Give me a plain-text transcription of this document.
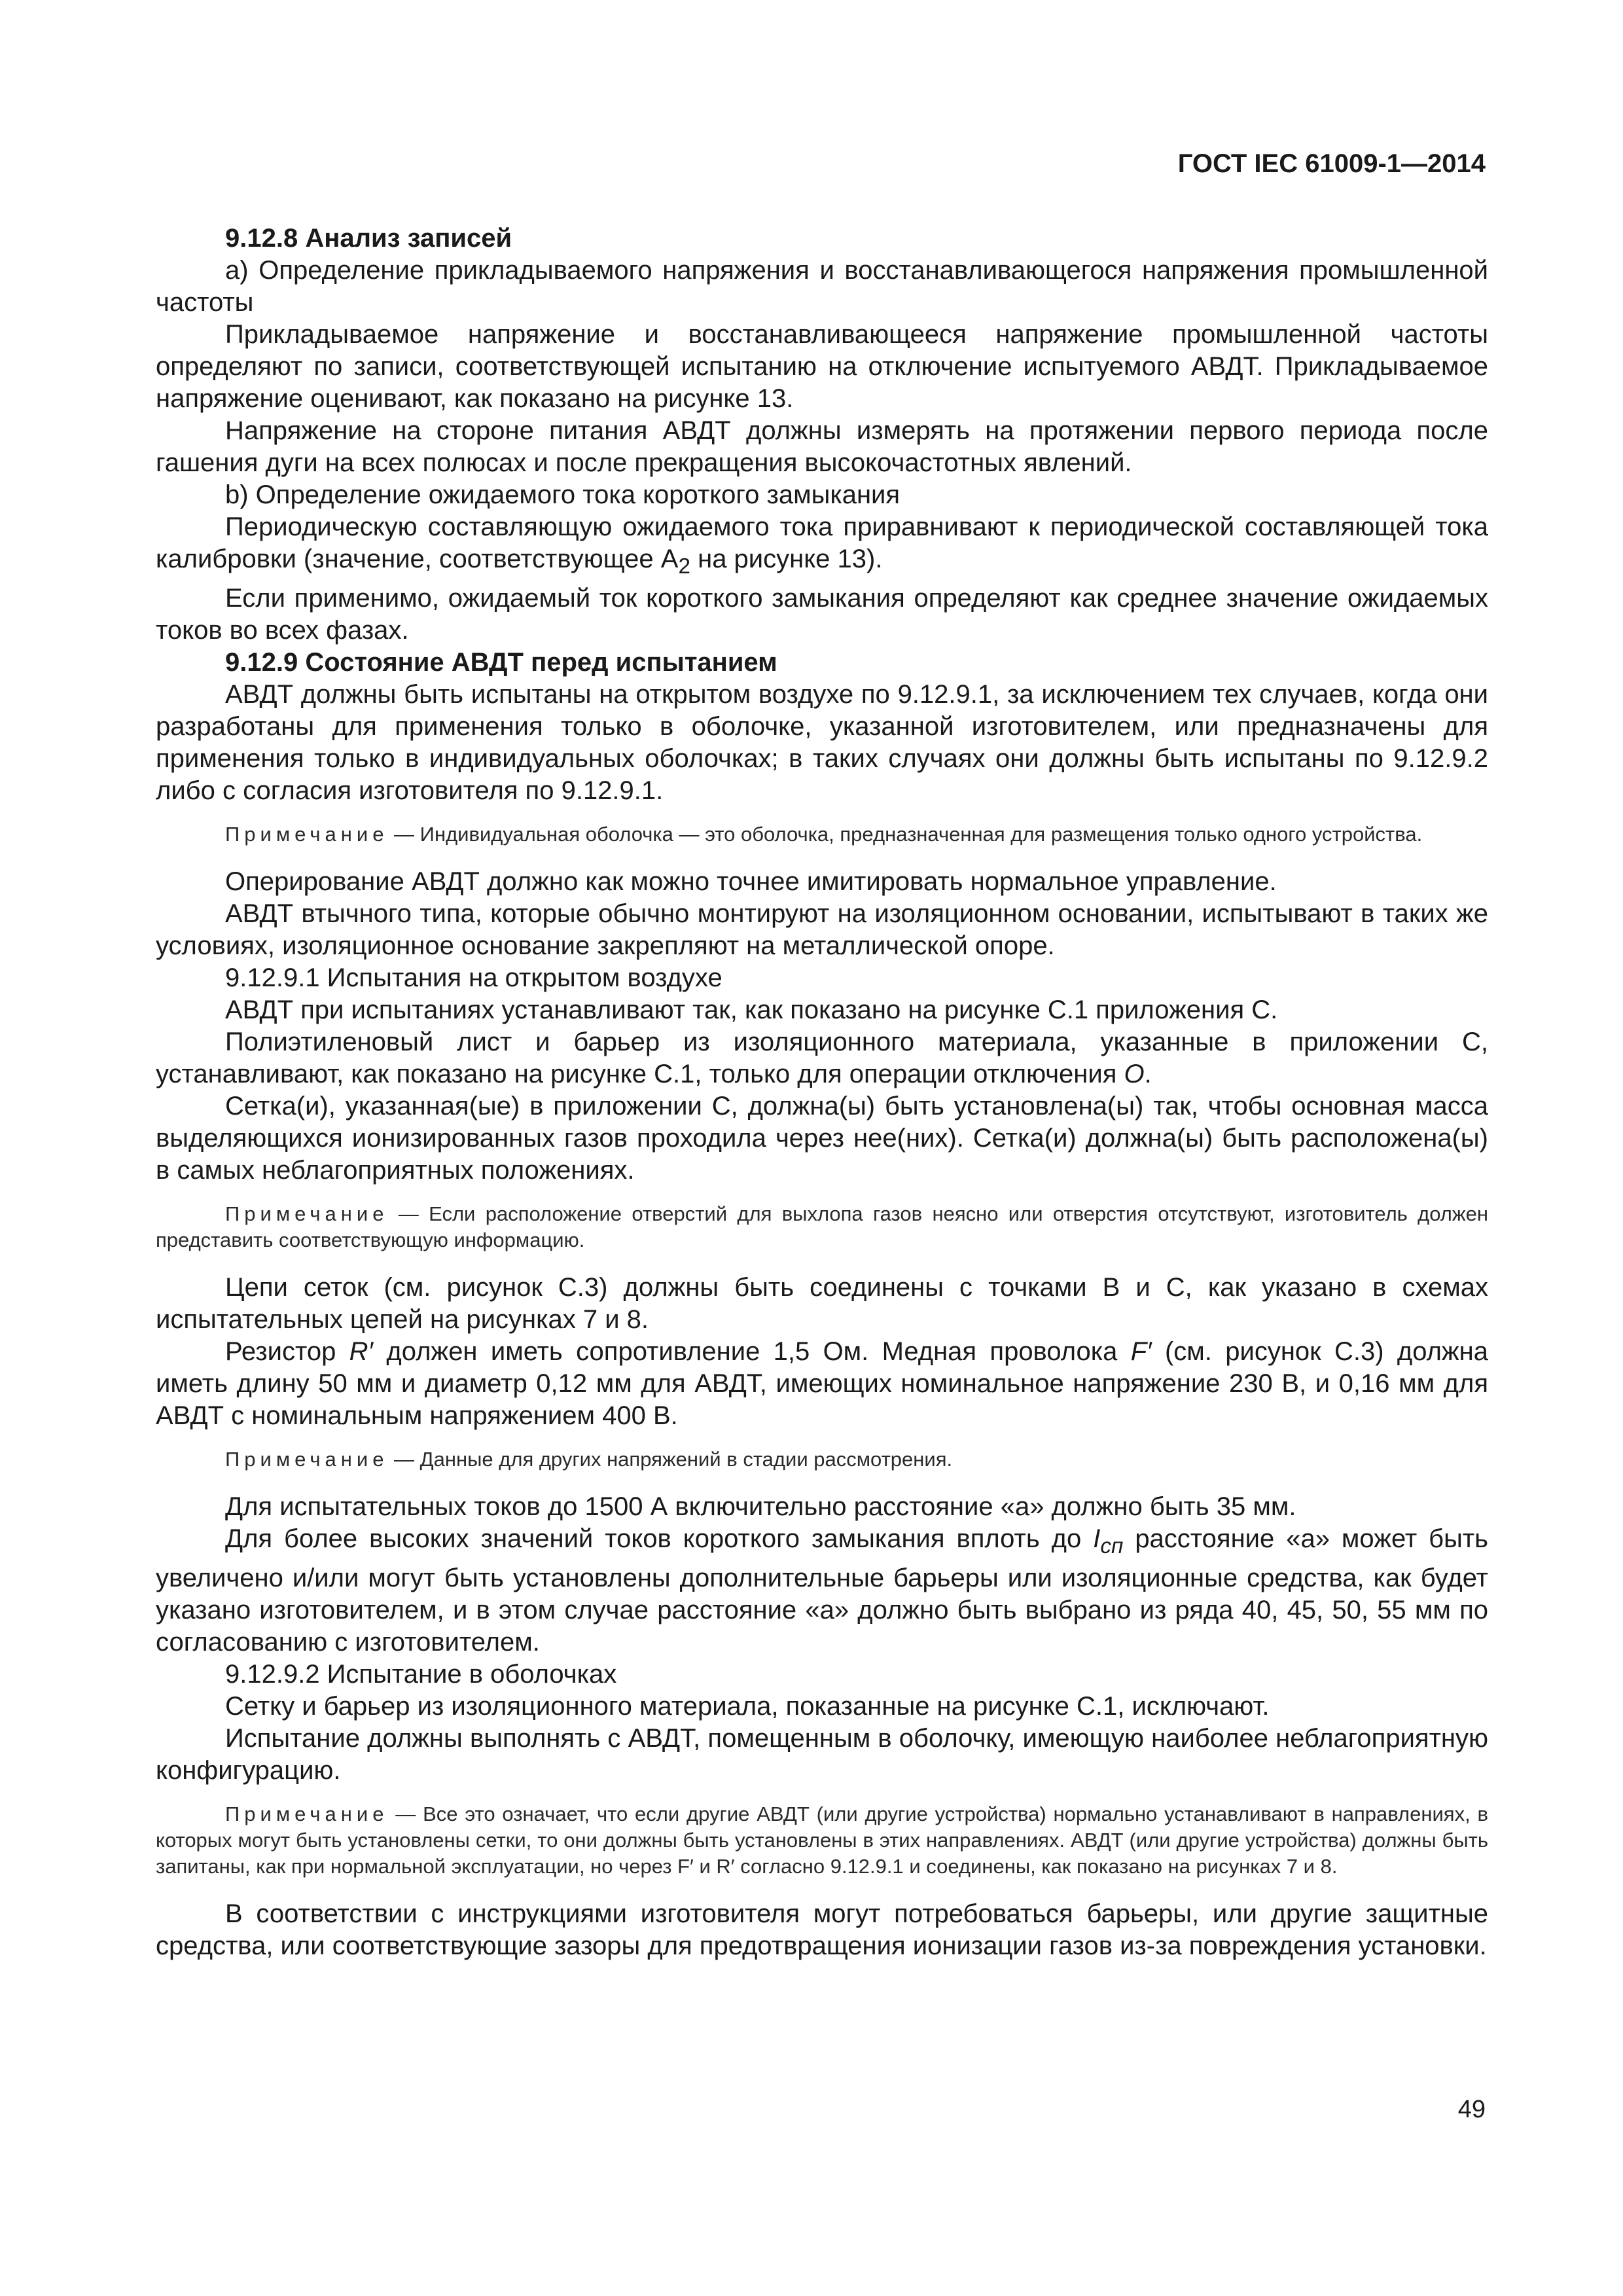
ГОСТ IEC 61009-1—2014

9.12.8 Анализ записей

a) Определение прикладываемого напряжения и восстанавливающегося напряжения промышленной частоты

Прикладываемое напряжение и восстанавливающееся напряжение промышленной частоты определяют по записи, соответствующей испытанию на отключение испытуемого АВДТ. Прикладываемое напряжение оценивают, как показано на рисунке 13.

Напряжение на стороне питания АВДТ должны измерять на протяжении первого периода после гашения дуги на всех полюсах и после прекращения высокочастотных явлений.

b) Определение ожидаемого тока короткого замыкания

Периодическую составляющую ожидаемого тока приравнивают к периодической составляющей тока калибровки (значение, соответствующее $A_2$ на рисунке 13).

Если применимо, ожидаемый ток короткого замыкания определяют как среднее значение ожидаемых токов во всех фазах.

9.12.9 Состояние АВДТ перед испытанием

АВДТ должны быть испытаны на открытом воздухе по 9.12.9.1, за исключением тех случаев, когда они разработаны для применения только в оболочке, указанной изготовителем, или предназначены для применения только в индивидуальных оболочках; в таких случаях они должны быть испытаны по 9.12.9.2 либо с согласия изготовителя по 9.12.9.1.

Примечание — Индивидуальная оболочка — это оболочка, предназначенная для размещения только одного устройства.

Оперирование АВДТ должно как можно точнее имитировать нормальное управление.

АВДТ втычного типа, которые обычно монтируют на изоляционном основании, испытывают в таких же условиях, изоляционное основание закрепляют на металлической опоре.

9.12.9.1 Испытания на открытом воздухе

АВДТ при испытаниях устанавливают так, как показано на рисунке C.1 приложения C.

Полиэтиленовый лист и барьер из изоляционного материала, указанные в приложении С, устанавливают, как показано на рисунке С.1, только для операции отключения O.

Сетка(и), указанная(ые) в приложении С, должна(ы) быть установлена(ы) так, чтобы основная масса выделяющихся ионизированных газов проходила через нее(них). Сетка(и) должна(ы) быть расположена(ы) в самых неблагоприятных положениях.

Примечание — Если расположение отверстий для выхлопа газов неясно или отверстия отсутствуют, изготовитель должен представить соответствующую информацию.

Цепи сеток (см. рисунок С.3) должны быть соединены с точками В и С, как указано в схемах испытательных цепей на рисунках 7 и 8.

Резистор R′ должен иметь сопротивление 1,5 Ом. Медная проволока F′ (см. рисунок С.3) должна иметь длину 50 мм и диаметр 0,12 мм для АВДТ, имеющих номинальное напряжение 230 В, и 0,16 мм для АВДТ с номинальным напряжением 400 В.

Примечание — Данные для других напряжений в стадии рассмотрения.

Для испытательных токов до 1500 А включительно расстояние «а» должно быть 35 мм.

Для более высоких значений токов короткого замыкания вплоть до $I_{сп}$ расстояние «а» может быть увеличено и/или могут быть установлены дополнительные барьеры или изоляционные средства, как будет указано изготовителем, и в этом случае расстояние «а» должно быть выбрано из ряда 40, 45, 50, 55 мм по согласованию с изготовителем.

9.12.9.2 Испытание в оболочках

Сетку и барьер из изоляционного материала, показанные на рисунке C.1, исключают.

Испытание должны выполнять с АВДТ, помещенным в оболочку, имеющую наиболее неблагоприятную конфигурацию.

Примечание — Все это означает, что если другие АВДТ (или другие устройства) нормально устанавливают в направлениях, в которых могут быть установлены сетки, то они должны быть установлены в этих направлениях. АВДТ (или другие устройства) должны быть запитаны, как при нормальной эксплуатации, но через F′ и R′ согласно 9.12.9.1 и соединены, как показано на рисунках 7 и 8.

В соответствии с инструкциями изготовителя могут потребоваться барьеры, или другие защитные средства, или соответствующие зазоры для предотвращения ионизации газов из-за повреждения установки.

49
